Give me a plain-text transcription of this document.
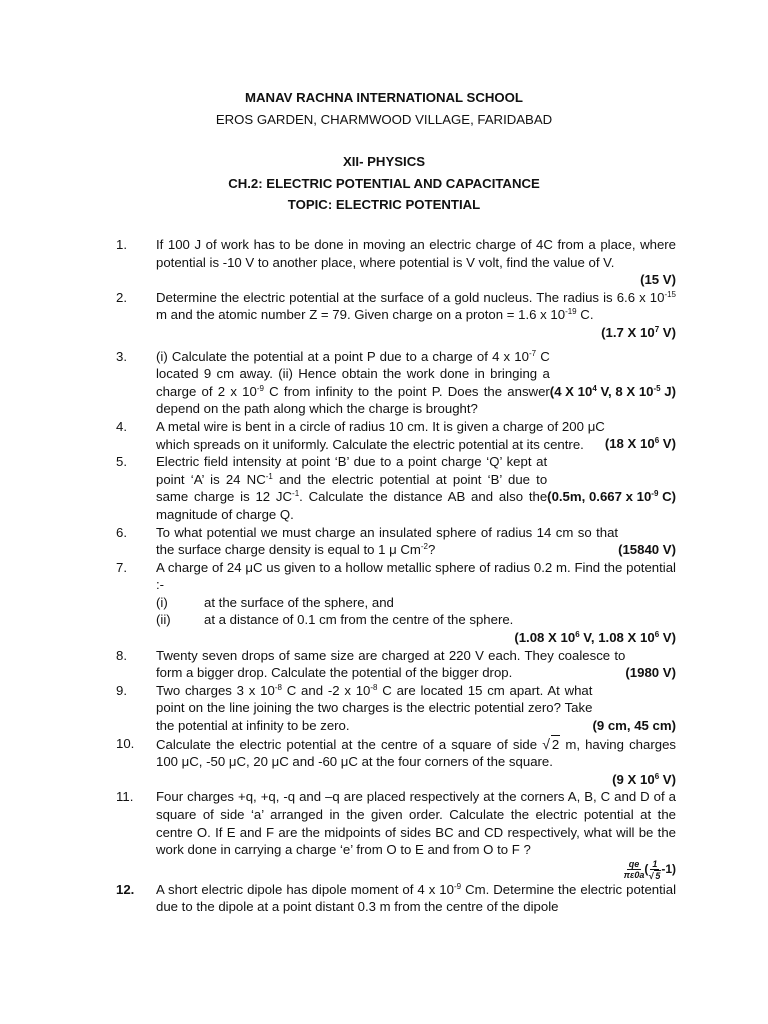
MANAV RACHNA INTERNATIONAL SCHOOL
EROS GARDEN, CHARMWOOD VILLAGE, FARIDABAD
XII- PHYSICS
CH.2: ELECTRIC POTENTIAL AND CAPACITANCE
TOPIC: ELECTRIC POTENTIAL
1.	If 100 J of work has to be done in moving an electric charge of 4C from a place, where potential is -10 V to another place, where potential is V volt, find the value of V.
(15 V)
2.	Determine the electric potential at the surface of a gold nucleus. The radius is 6.6 x $10^{-15}$ m and the atomic number Z = 79. Given charge on a proton = 1.6 x $10^{-19}$ C.
(1.7 X $10^7$ V)
3.
(4 X $10^4$ V, 8 X $10^{-5}$ J)
(i) Calculate the potential at a point P due to a charge of 4 x $10^{-7}$ C located 9 cm away. (ii) Hence obtain the work done in bringing a charge of 2 x $10^{-9}$ C from infinity to the point P. Does the answer depend on the path along which the charge is brought?
4.
(18 X $10^6$ V)
A metal wire is bent in a circle of radius 10 cm. It is given a charge of 200 μC which spreads on it uniformly. Calculate the electric potential at its centre.
5.
(0.5m, 0.667 x $10^{-9}$ C)
Electric field intensity at point ‘B’ due to a point charge ‘Q’ kept at point ‘A’ is 24 $NC^{-1}$ and the electric potential at point ‘B’ due to same charge is 12 $JC^{-1}$. Calculate the distance AB and also the magnitude of charge Q.
6.
(15840 V)
To what potential we must charge an insulated sphere of radius 14 cm so that the surface charge density is equal to 1 μ $Cm^{-2}$?
7.	A charge of 24 μC us given to a hollow metallic sphere of radius 0.2 m. Find the potential :-
(i)	at the surface of the sphere, and
(ii)	at a distance of 0.1 cm from the centre of the sphere.
(1.08 X $10^6$ V, 1.08 X $10^6$ V)
8.
(1980 V)
Twenty seven drops of same size are charged at 220 V each. They coalesce to form a bigger drop. Calculate the potential of the bigger drop.
9.
(9 cm, 45 cm)
Two charges 3 x $10^{-8}$ C and -2 x $10^{-8}$ C are located 15 cm apart. At what point on the line joining the two charges is the electric potential zero? Take the potential at infinity to be zero.
10.	Calculate the electric potential at the centre of a square of side √ 2 m, having charges 100 μC, -50 μC, 20 μC and -60 μC at the four corners of the square.
(9 X $10^6$ V)
11.	Four charges +q, +q, -q and –q are placed respectively at the corners A, B, C and D of a square of side ‘a’ arranged in the given order. Calculate the electric potential at the centre O. If E and F are the midpoints of sides BC and CD respectively, what will be the work done in carrying a charge ‘e’ from O to E and from O to F ?
$\frac{qe}{\pi\varepsilon 0a}$ ( $\frac{1}{√ 5} -1$)
12.	A short electric dipole has dipole moment of 4 x $10^{-9}$ Cm. Determine the electric potential due to the dipole at a point distant 0.3 m from the centre of the dipole
